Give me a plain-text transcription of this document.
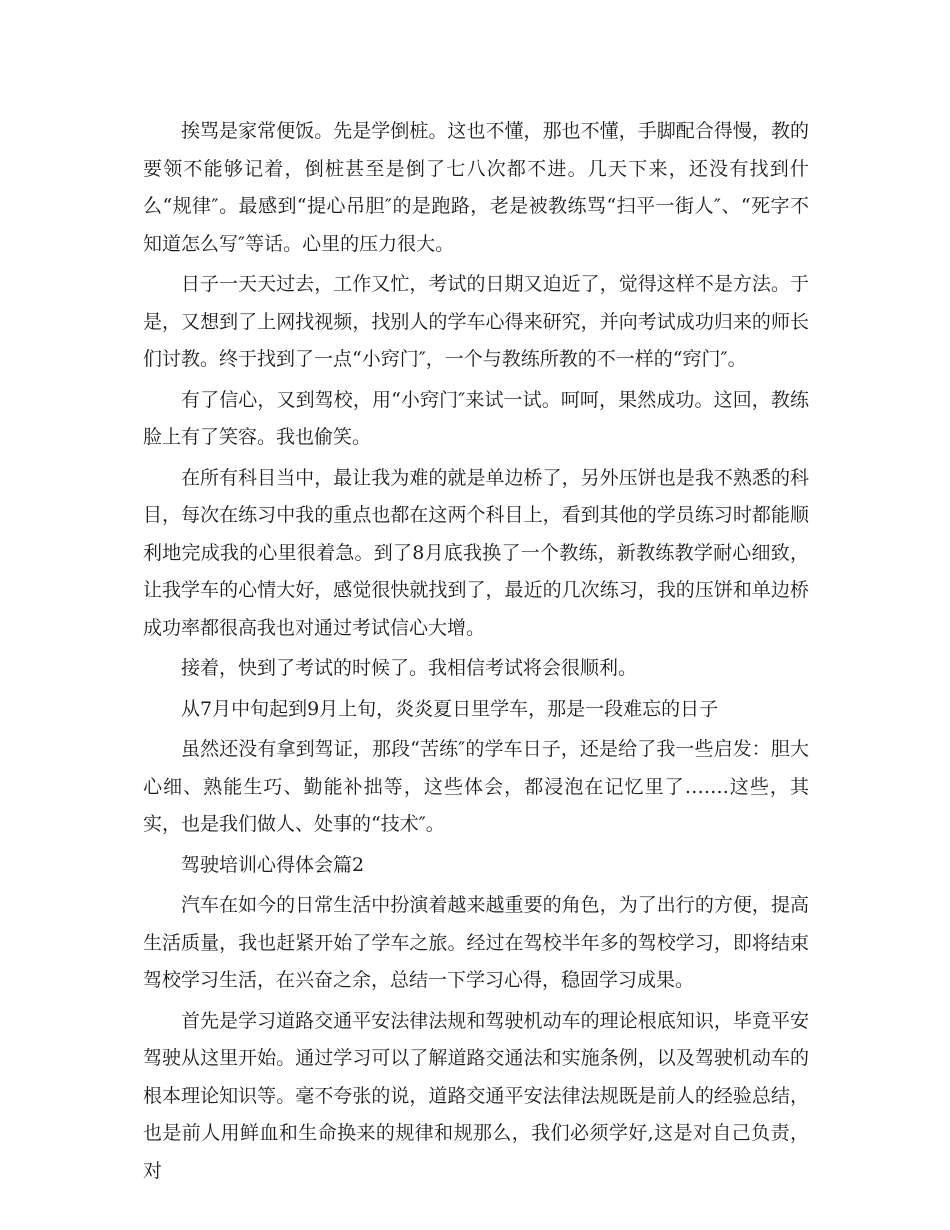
挨骂是家常便饭。先是学倒桩。这也不懂，那也不懂，手脚配合得慢，教的要领不能够记着，倒桩甚至是倒了七八次都不进。几天下来，还没有找到什么“规律″。最感到“提心吊胆″的是跑路，老是被教练骂“扫平一街人″、“死字不知道怎么写″等话。心里的压力很大。

日子一天天过去，工作又忙，考试的日期又迫近了，觉得这样不是方法。于是，又想到了上网找视频，找别人的学车心得来研究，并向考试成功归来的师长们讨教。终于找到了一点“小窍门″，一个与教练所教的不一样的“窍门″。

有了信心，又到驾校，用“小窍门″来试一试。呵呵，果然成功。这回，教练脸上有了笑容。我也偷笑。

在所有科目当中，最让我为难的就是单边桥了，另外压饼也是我不熟悉的科目，每次在练习中我的重点也都在这两个科目上，看到其他的学员练习时都能顺利地完成我的心里很着急。到了8月底我换了一个教练，新教练教学耐心细致，让我学车的心情大好，感觉很快就找到了，最近的几次练习，我的压饼和单边桥成功率都很高我也对通过考试信心大增。

接着，快到了考试的时候了。我相信考试将会很顺利。

从7月中旬起到9月上旬，炎炎夏日里学车，那是一段难忘的日子

虽然还没有拿到驾证，那段“苦练″的学车日子，还是给了我一些启发：胆大心细、熟能生巧、勤能补拙等，这些体会，都浸泡在记忆里了…….这些，其实，也是我们做人、处事的“技术″。

驾驶培训心得体会篇2

汽车在如今的日常生活中扮演着越来越重要的角色，为了出行的方便，提高生活质量，我也赶紧开始了学车之旅。经过在驾校半年多的驾校学习，即将结束驾校学习生活，在兴奋之余，总结一下学习心得，稳固学习成果。

首先是学习道路交通平安法律法规和驾驶机动车的理论根底知识，毕竟平安驾驶从这里开始。通过学习可以了解道路交通法和实施条例，以及驾驶机动车的根本理论知识等。毫不夸张的说，道路交通平安法律法规既是前人的经验总结，也是前人用鲜血和生命换来的规律和规那么，我们必须学好,这是对自己负责，对
